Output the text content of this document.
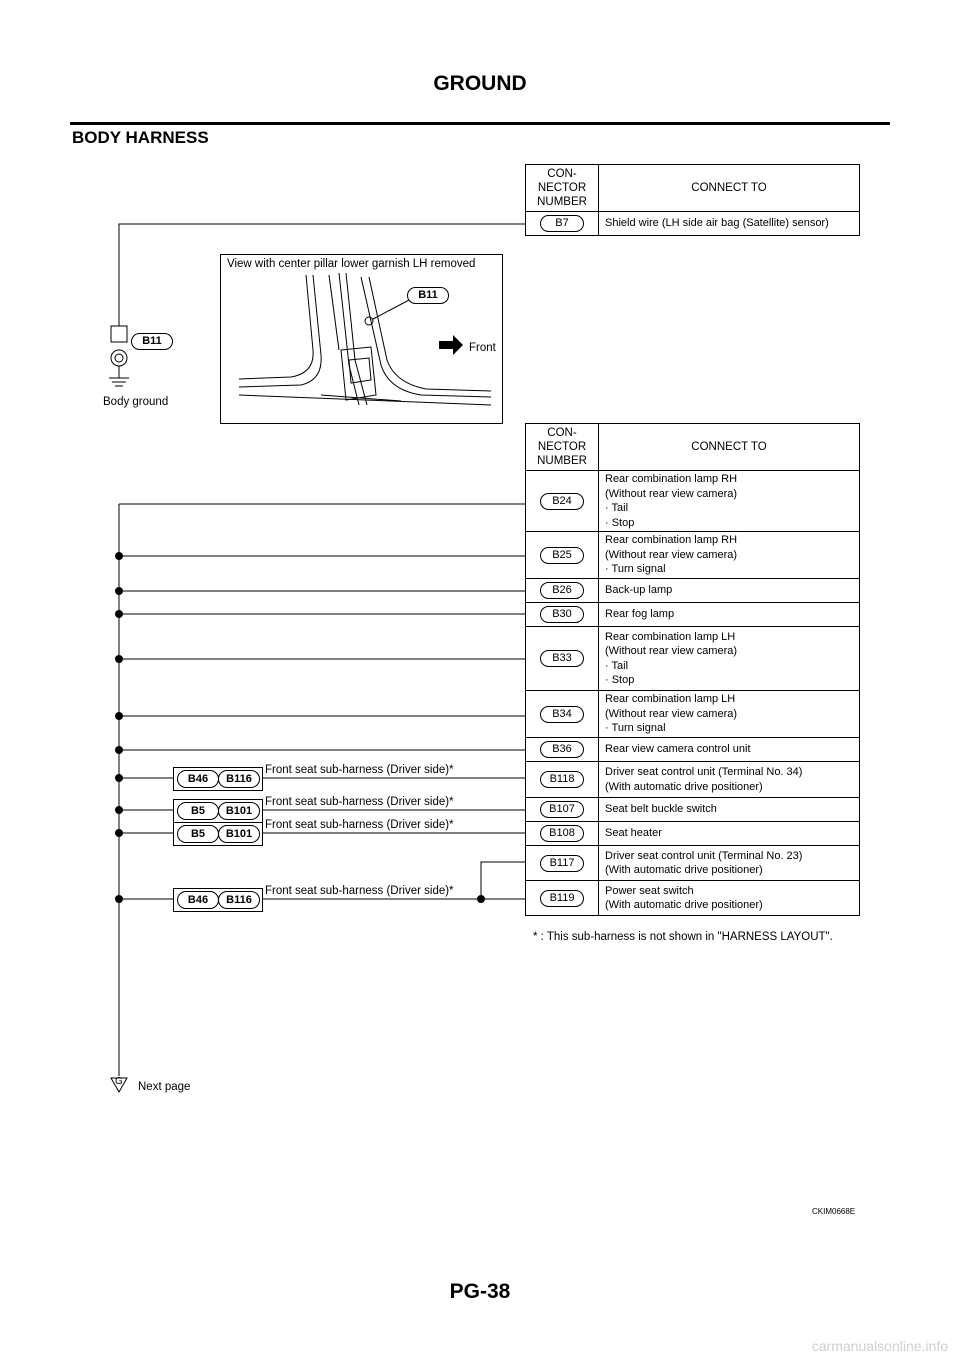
GROUND
BODY HARNESS
B11
Body ground
CON-
NECTOR
NUMBER	CONNECT TO
B7	Shield wire (LH side air bag (Satellite) sensor)
View with center pillar lower garnish LH removed
B11
Front
CON-
NECTOR
NUMBER	CONNECT TO
B24	Rear combination lamp RH
(Without rear view camera)
· Tail
· Stop

B25	Rear combination lamp RH
(Without rear view camera)
· Turn signal

B26	Back-up lamp

B30	Rear fog lamp

B33	Rear combination lamp LH
(Without rear view camera)
· Tail
· Stop

B34	Rear combination lamp LH
(Without rear view camera)
· Turn signal

B36	Rear view camera control unit

B118	Driver seat control unit (Terminal No. 34)
(With automatic drive positioner)

B107	Seat belt buckle switch

B108	Seat heater

B117	Driver seat control unit (Terminal No. 23)
(With automatic drive positioner)

B119	Power seat switch
(With automatic drive positioner)
B46	B116
Front seat sub-harness (Driver side)*
B5	B101
Front seat sub-harness (Driver side)*
B5	B101
Front seat sub-harness (Driver side)*
B46	B116
Front seat sub-harness (Driver side)*
* : This sub-harness is not shown in "HARNESS LAYOUT".
G Next page
CKIM0668E
PG-38
carmanualsonline.info
